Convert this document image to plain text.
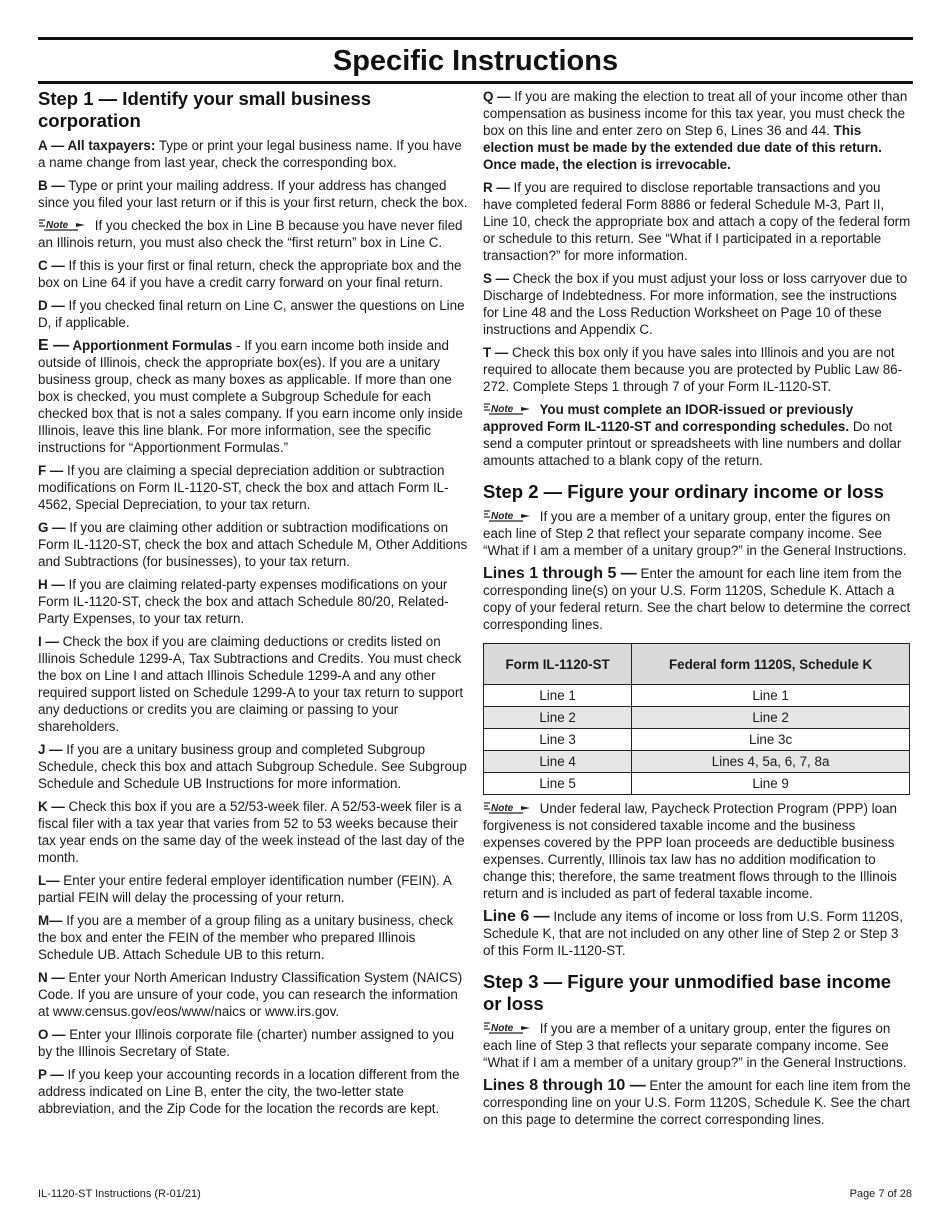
Specific Instructions
Step 1 — Identify your small business corporation

A — All taxpayers: Type or print your legal business name. If you have a name change from last year, check the corresponding box.

B — Type or print your mailing address. If your address has changed since you filed your last return or if this is your first return, check the box.

Note If you checked the box in Line B because you have never filed an Illinois return, you must also check the “first return” box in Line C.

C — If this is your first or final return, check the appropriate box and the box on Line 64 if you have a credit carry forward on your final return.

D — If you checked final return on Line C, answer the questions on Line D, if applicable.

E — Apportionment Formulas - If you earn income both inside and outside of Illinois, check the appropriate box(es). If you are a unitary business group, check as many boxes as applicable. If more than one box is checked, you must complete a Subgroup Schedule for each checked box that is not a sales company. If you earn income only inside Illinois, leave this line blank. For more information, see the specific instructions for “Apportionment Formulas.”

F — If you are claiming a special depreciation addition or subtraction modifications on Form IL-1120-ST, check the box and attach Form IL-4562, Special Depreciation, to your tax return.

G — If you are claiming other addition or subtraction modifications on Form IL-1120-ST, check the box and attach Schedule M, Other Additions and Subtractions (for businesses), to your tax return.

H — If you are claiming related-party expenses modifications on your Form IL-1120-ST, check the box and attach Schedule 80/20, Related-Party Expenses, to your tax return.

I — Check the box if you are claiming deductions or credits listed on Illinois Schedule 1299-A, Tax Subtractions and Credits. You must check the box on Line I and attach Illinois Schedule 1299-A and any other required support listed on Schedule 1299-A to your tax return to support any deductions or credits you are claiming or passing to your shareholders.

J — If you are a unitary business group and completed Subgroup Schedule, check this box and attach Subgroup Schedule. See Subgroup Schedule and Schedule UB Instructions for more information.

K — Check this box if you are a 52/53-week filer. A 52/53-week filer is a fiscal filer with a tax year that varies from 52 to 53 weeks because their tax year ends on the same day of the week instead of the last day of the month.

L— Enter your entire federal employer identification number (FEIN). A partial FEIN will delay the processing of your return.

M— If you are a member of a group filing as a unitary business, check the box and enter the FEIN of the member who prepared Illinois Schedule UB. Attach Schedule UB to this return.

N — Enter your North American Industry Classification System (NAICS) Code. If you are unsure of your code, you can research the information at www.census.gov/eos/www/naics or www.irs.gov.

O — Enter your Illinois corporate file (charter) number assigned to you by the Illinois Secretary of State.

P — If you keep your accounting records in a location different from the address indicated on Line B, enter the city, the two-letter state abbreviation, and the Zip Code for the location the records are kept.

Q — If you are making the election to treat all of your income other than compensation as business income for this tax year, you must check the box on this line and enter zero on Step 6, Lines 36 and 44. This election must be made by the extended due date of this return. Once made, the election is irrevocable.

R — If you are required to disclose reportable transactions and you have completed federal Form 8886 or federal Schedule M-3, Part II, Line 10, check the appropriate box and attach a copy of the federal form or schedule to this return. See “What if I participated in a reportable transaction?” for more information.

S — Check the box if you must adjust your loss or loss carryover due to Discharge of Indebtedness. For more information, see the instructions for Line 48 and the Loss Reduction Worksheet on Page 10 of these instructions and Appendix C.

T — Check this box only if you have sales into Illinois and you are not required to allocate them because you are protected by Public Law 86-272. Complete Steps 1 through 7 of your Form IL-1120-ST.

Note You must complete an IDOR-issued or previously approved Form IL-1120-ST and corresponding schedules. Do not send a computer printout or spreadsheets with line numbers and dollar amounts attached to a blank copy of the return.

Step 2 — Figure your ordinary income or loss

Note If you are a member of a unitary group, enter the figures on each line of Step 2 that reflect your separate company income. See “What if I am a member of a unitary group?” in the General Instructions.

Lines 1 through 5 — Enter the amount for each line item from the corresponding line(s) on your U.S. Form 1120S, Schedule K. Attach a copy of your federal return. See the chart below to determine the correct corresponding lines.

Form IL-1120-ST	Federal form 1120S, Schedule K
Line 1	Line 1
Line 2	Line 2
Line 3	Line 3c
Line 4	Lines 4, 5a, 6, 7, 8a
Line 5	Line 9

Note Under federal law, Paycheck Protection Program (PPP) loan forgiveness is not considered taxable income and the business expenses covered by the PPP loan proceeds are deductible business expenses. Currently, Illinois tax law has no addition modification to change this; therefore, the same treatment flows through to the Illinois return and is included as part of federal taxable income.

Line 6 — Include any items of income or loss from U.S. Form 1120S, Schedule K, that are not included on any other line of Step 2 or Step 3 of this Form IL-1120-ST.

Step 3 — Figure your unmodified base income or loss

Note If you are a member of a unitary group, enter the figures on each line of Step 3 that reflects your separate company income. See “What if I am a member of a unitary group?” in the General Instructions.

Lines 8 through 10 — Enter the amount for each line item from the corresponding line on your U.S. Form 1120S, Schedule K. See the chart on this page to determine the correct corresponding lines.

IL-1120-ST Instructions (R-01/21)	Page 7 of 28
